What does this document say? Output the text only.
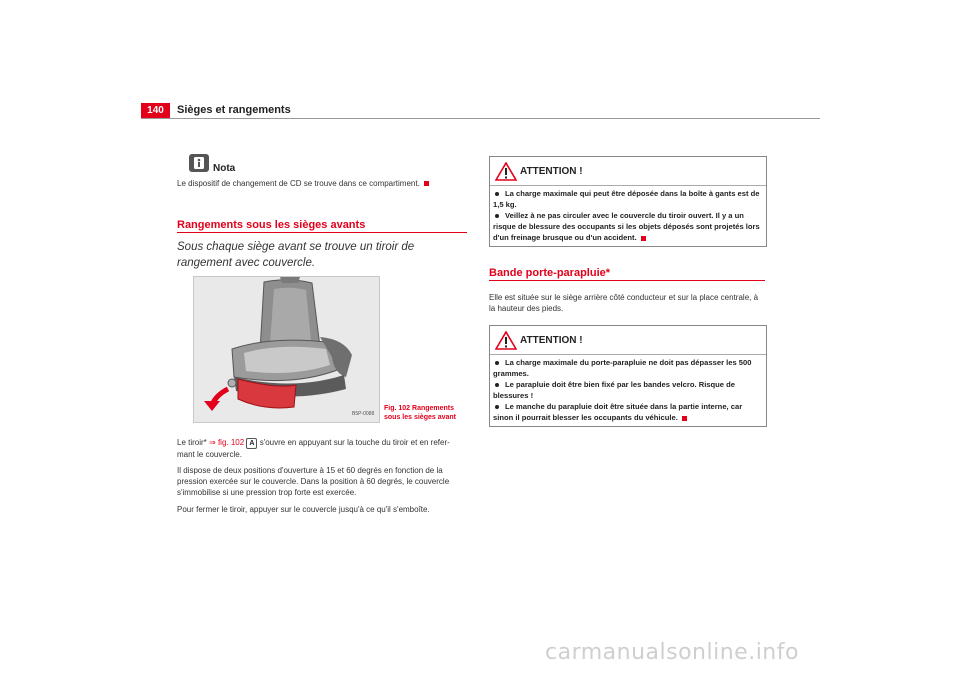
140	Sièges et rangements
Nota
Le dispositif de changement de CD se trouve dans ce compartiment.
Rangements sous les sièges avants
Sous chaque siège avant se trouve un tiroir de rangement avec couvercle.
B5P-0088
Fig. 102 Rangements
sous les sièges avant
Le tiroir* ⇒ fig. 102 A s'ouvre en appuyant sur la touche du tiroir et en refer-mant le couvercle.
Il dispose de deux positions d'ouverture à 15 et 60 degrés en fonction de la pression exercée sur le couvercle. Dans la position à 60 degrés, le couvercle s'immobilise si une pression trop forte est exercée.
Pour fermer le tiroir, appuyer sur le couvercle jusqu'à ce qu'il s'emboîte.
ATTENTION !
La charge maximale qui peut être déposée dans la boîte à gants est de 1,5 kg.
Veillez à ne pas circuler avec le couvercle du tiroir ouvert. Il y a un risque de blessure des occupants si les objets déposés sont projetés lors d'un freinage brusque ou d'un accident.
Bande porte-parapluie*
Elle est située sur le siège arrière côté conducteur et sur la place centrale, à la hauteur des pieds.
ATTENTION !
La charge maximale du porte-parapluie ne doit pas dépasser les 500 grammes.
Le parapluie doit être bien fixé par les bandes velcro. Risque de blessures !
Le manche du parapluie doit être située dans la partie interne, car sinon il pourrait blesser les occupants du véhicule.
carmanualsonline.info
